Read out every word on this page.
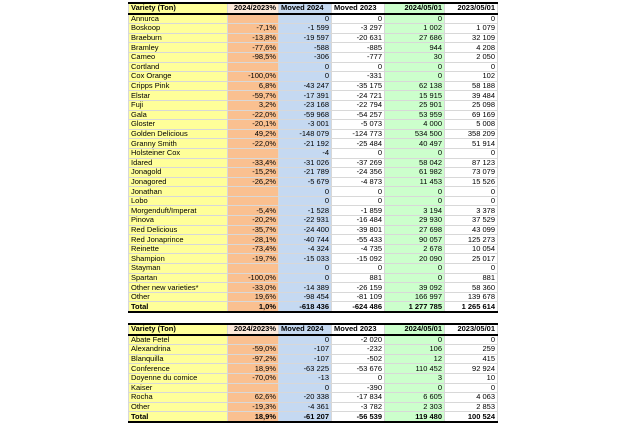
Variety (Ton)	2024/2023%	Moved 2024	Moved 2023	2024/05/01	2023/05/01
Annurca		0	0	0	0
Boskoop	-7,1%	-1 599	-3 297	1 002	1 079
Braeburn	-13,8%	-19 597	-20 631	27 686	32 109
Bramley	-77,6%	-588	-885	944	4 208
Cameo	-98,5%	-306	-777	30	2 050
Cortland		0	0	0	0
Cox Orange	-100,0%	0	-331	0	102
Cripps Pink	6,8%	-43 247	-35 175	62 138	58 188
Elstar	-59,7%	-17 391	-24 721	15 915	39 484
Fuji	3,2%	-23 168	-22 794	25 901	25 098
Gala	-22,0%	-59 968	-54 257	53 959	69 169
Gloster	-20,1%	-3 001	-5 073	4 000	5 008
Golden Delicious	49,2%	-148 079	-124 773	534 500	358 209
Granny Smith	-22,0%	-21 192	-25 484	40 497	51 914
Holsteiner Cox		-4	0	0	0
Idared	-33,4%	-31 026	-37 269	58 042	87 123
Jonagold	-15,2%	-21 789	-24 356	61 982	73 079
Jonagored	-26,2%	-5 679	-4 873	11 453	15 526
Jonathan		0	0	0	0
Lobo		0	0	0	0
Morgenduft/Imperat	-5,4%	-1 528	-1 859	3 194	3 378
Pinova	-20,2%	-22 931	-16 484	29 930	37 529
Red Delicious	-35,7%	-24 400	-39 801	27 698	43 099
Red Jonaprince	-28,1%	-40 744	-55 433	90 057	125 273
Reinette	-73,4%	-4 324	-4 735	2 678	10 054
Shampion	-19,7%	-15 033	-15 092	20 090	25 017
Stayman		0	0	0	0
Spartan	-100,0%	0	881	0	881
Other new varieties*	-33,0%	-14 389	-26 159	39 092	58 360
Other	19,6%	-98 454	-81 109	166 997	139 678
Total	1,0%	-618 436	-624 486	1 277 785	1 265 614
Variety (Ton)	2024/2023%	Moved 2024	Moved 2023	2024/05/01	2023/05/01
Abate Fetel		0	-2 020	0	0
Alexandrina	-59,0%	-107	-232	106	259
Blanquilla	-97,2%	-107	-502	12	415
Conference	18,9%	-63 225	-53 676	110 452	92 924
Doyenne du comice	-70,0%	-13	0	3	10
Kaiser		0	-390	0	0
Rocha	62,6%	-20 338	-17 834	6 605	4 063
Other	-19,3%	-4 361	-3 782	2 303	2 853
Total	18,9%	-61 207	-56 539	119 480	100 524
